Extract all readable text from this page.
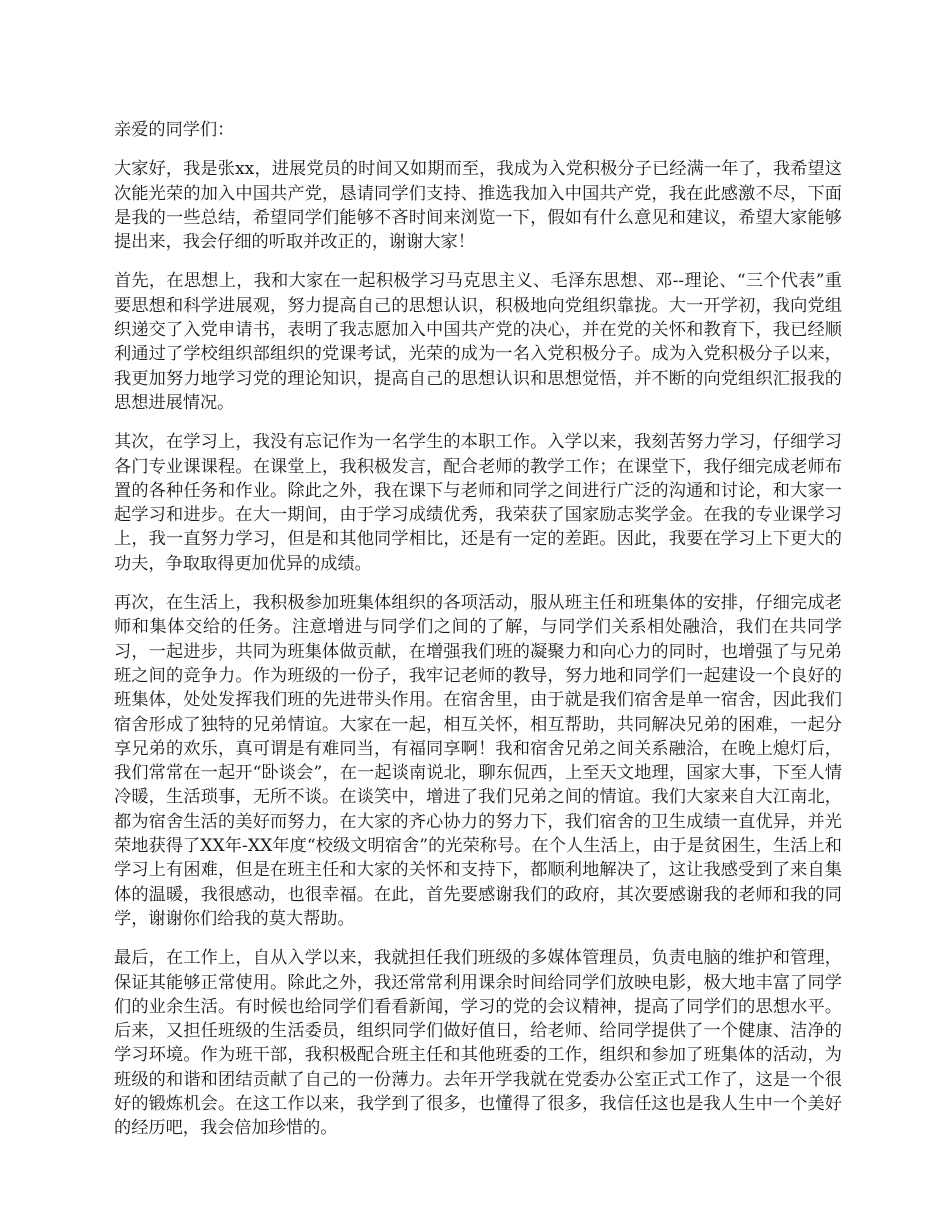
亲爱的同学们：

大家好，我是张xx，进展党员的时间又如期而至，我成为入党积极分子已经满一年了，我希望这次能光荣的加入中国共产党，恳请同学们支持、推选我加入中国共产党，我在此感激不尽，下面是我的一些总结，希望同学们能够不吝时间来浏览一下，假如有什么意见和建议，希望大家能够提出来，我会仔细的听取并改正的，谢谢大家！

首先，在思想上，我和大家在一起积极学习马克思主义、毛泽东思想、邓--理论、“三个代表”重要思想和科学进展观，努力提高自己的思想认识，积极地向党组织靠拢。大一开学初，我向党组织递交了入党申请书，表明了我志愿加入中国共产党的决心，并在党的关怀和教育下，我已经顺利通过了学校组织部组织的党课考试，光荣的成为一名入党积极分子。成为入党积极分子以来，我更加努力地学习党的理论知识，提高自己的思想认识和思想觉悟，并不断的向党组织汇报我的思想进展情况。

其次，在学习上，我没有忘记作为一名学生的本职工作。入学以来，我刻苦努力学习，仔细学习各门专业课课程。在课堂上，我积极发言，配合老师的教学工作；在课堂下，我仔细完成老师布置的各种任务和作业。除此之外，我在课下与老师和同学之间进行广泛的沟通和讨论，和大家一起学习和进步。在大一期间，由于学习成绩优秀，我荣获了国家励志奖学金。在我的专业课学习上，我一直努力学习，但是和其他同学相比，还是有一定的差距。因此，我要在学习上下更大的功夫，争取取得更加优异的成绩。

再次，在生活上，我积极参加班集体组织的各项活动，服从班主任和班集体的安排，仔细完成老师和集体交给的任务。注意增进与同学们之间的了解，与同学们关系相处融洽，我们在共同学习，一起进步，共同为班集体做贡献，在增强我们班的凝聚力和向心力的同时，也增强了与兄弟班之间的竞争力。作为班级的一份子，我牢记老师的教导，努力地和同学们一起建设一个良好的班集体，处处发挥我们班的先进带头作用。在宿舍里，由于就是我们宿舍是单一宿舍，因此我们宿舍形成了独特的兄弟情谊。大家在一起，相互关怀，相互帮助，共同解决兄弟的困难，一起分享兄弟的欢乐，真可谓是有难同当，有福同享啊！我和宿舍兄弟之间关系融洽，在晚上熄灯后，我们常常在一起开“卧谈会”，在一起谈南说北，聊东侃西，上至天文地理，国家大事，下至人情冷暖，生活琐事，无所不谈。在谈笑中，增进了我们兄弟之间的情谊。我们大家来自大江南北，都为宿舍生活的美好而努力，在大家的齐心协力的努力下，我们宿舍的卫生成绩一直优异，并光荣地获得了XX年-XX年度“校级文明宿舍”的光荣称号。在个人生活上，由于是贫困生，生活上和学习上有困难，但是在班主任和大家的关怀和支持下，都顺利地解决了，这让我感受到了来自集体的温暖，我很感动，也很幸福。在此，首先要感谢我们的政府，其次要感谢我的老师和我的同学，谢谢你们给我的莫大帮助。

最后，在工作上，自从入学以来，我就担任我们班级的多媒体管理员，负责电脑的维护和管理，保证其能够正常使用。除此之外，我还常常利用课余时间给同学们放映电影，极大地丰富了同学们的业余生活。有时候也给同学们看看新闻，学习的党的会议精神，提高了同学们的思想水平。后来，又担任班级的生活委员，组织同学们做好值日，给老师、给同学提供了一个健康、洁净的学习环境。作为班干部，我积极配合班主任和其他班委的工作，组织和参加了班集体的活动，为班级的和谐和团结贡献了自己的一份薄力。去年开学我就在党委办公室正式工作了，这是一个很好的锻炼机会。在这工作以来，我学到了很多，也懂得了很多，我信任这也是我人生中一个美好的经历吧，我会倍加珍惜的。
